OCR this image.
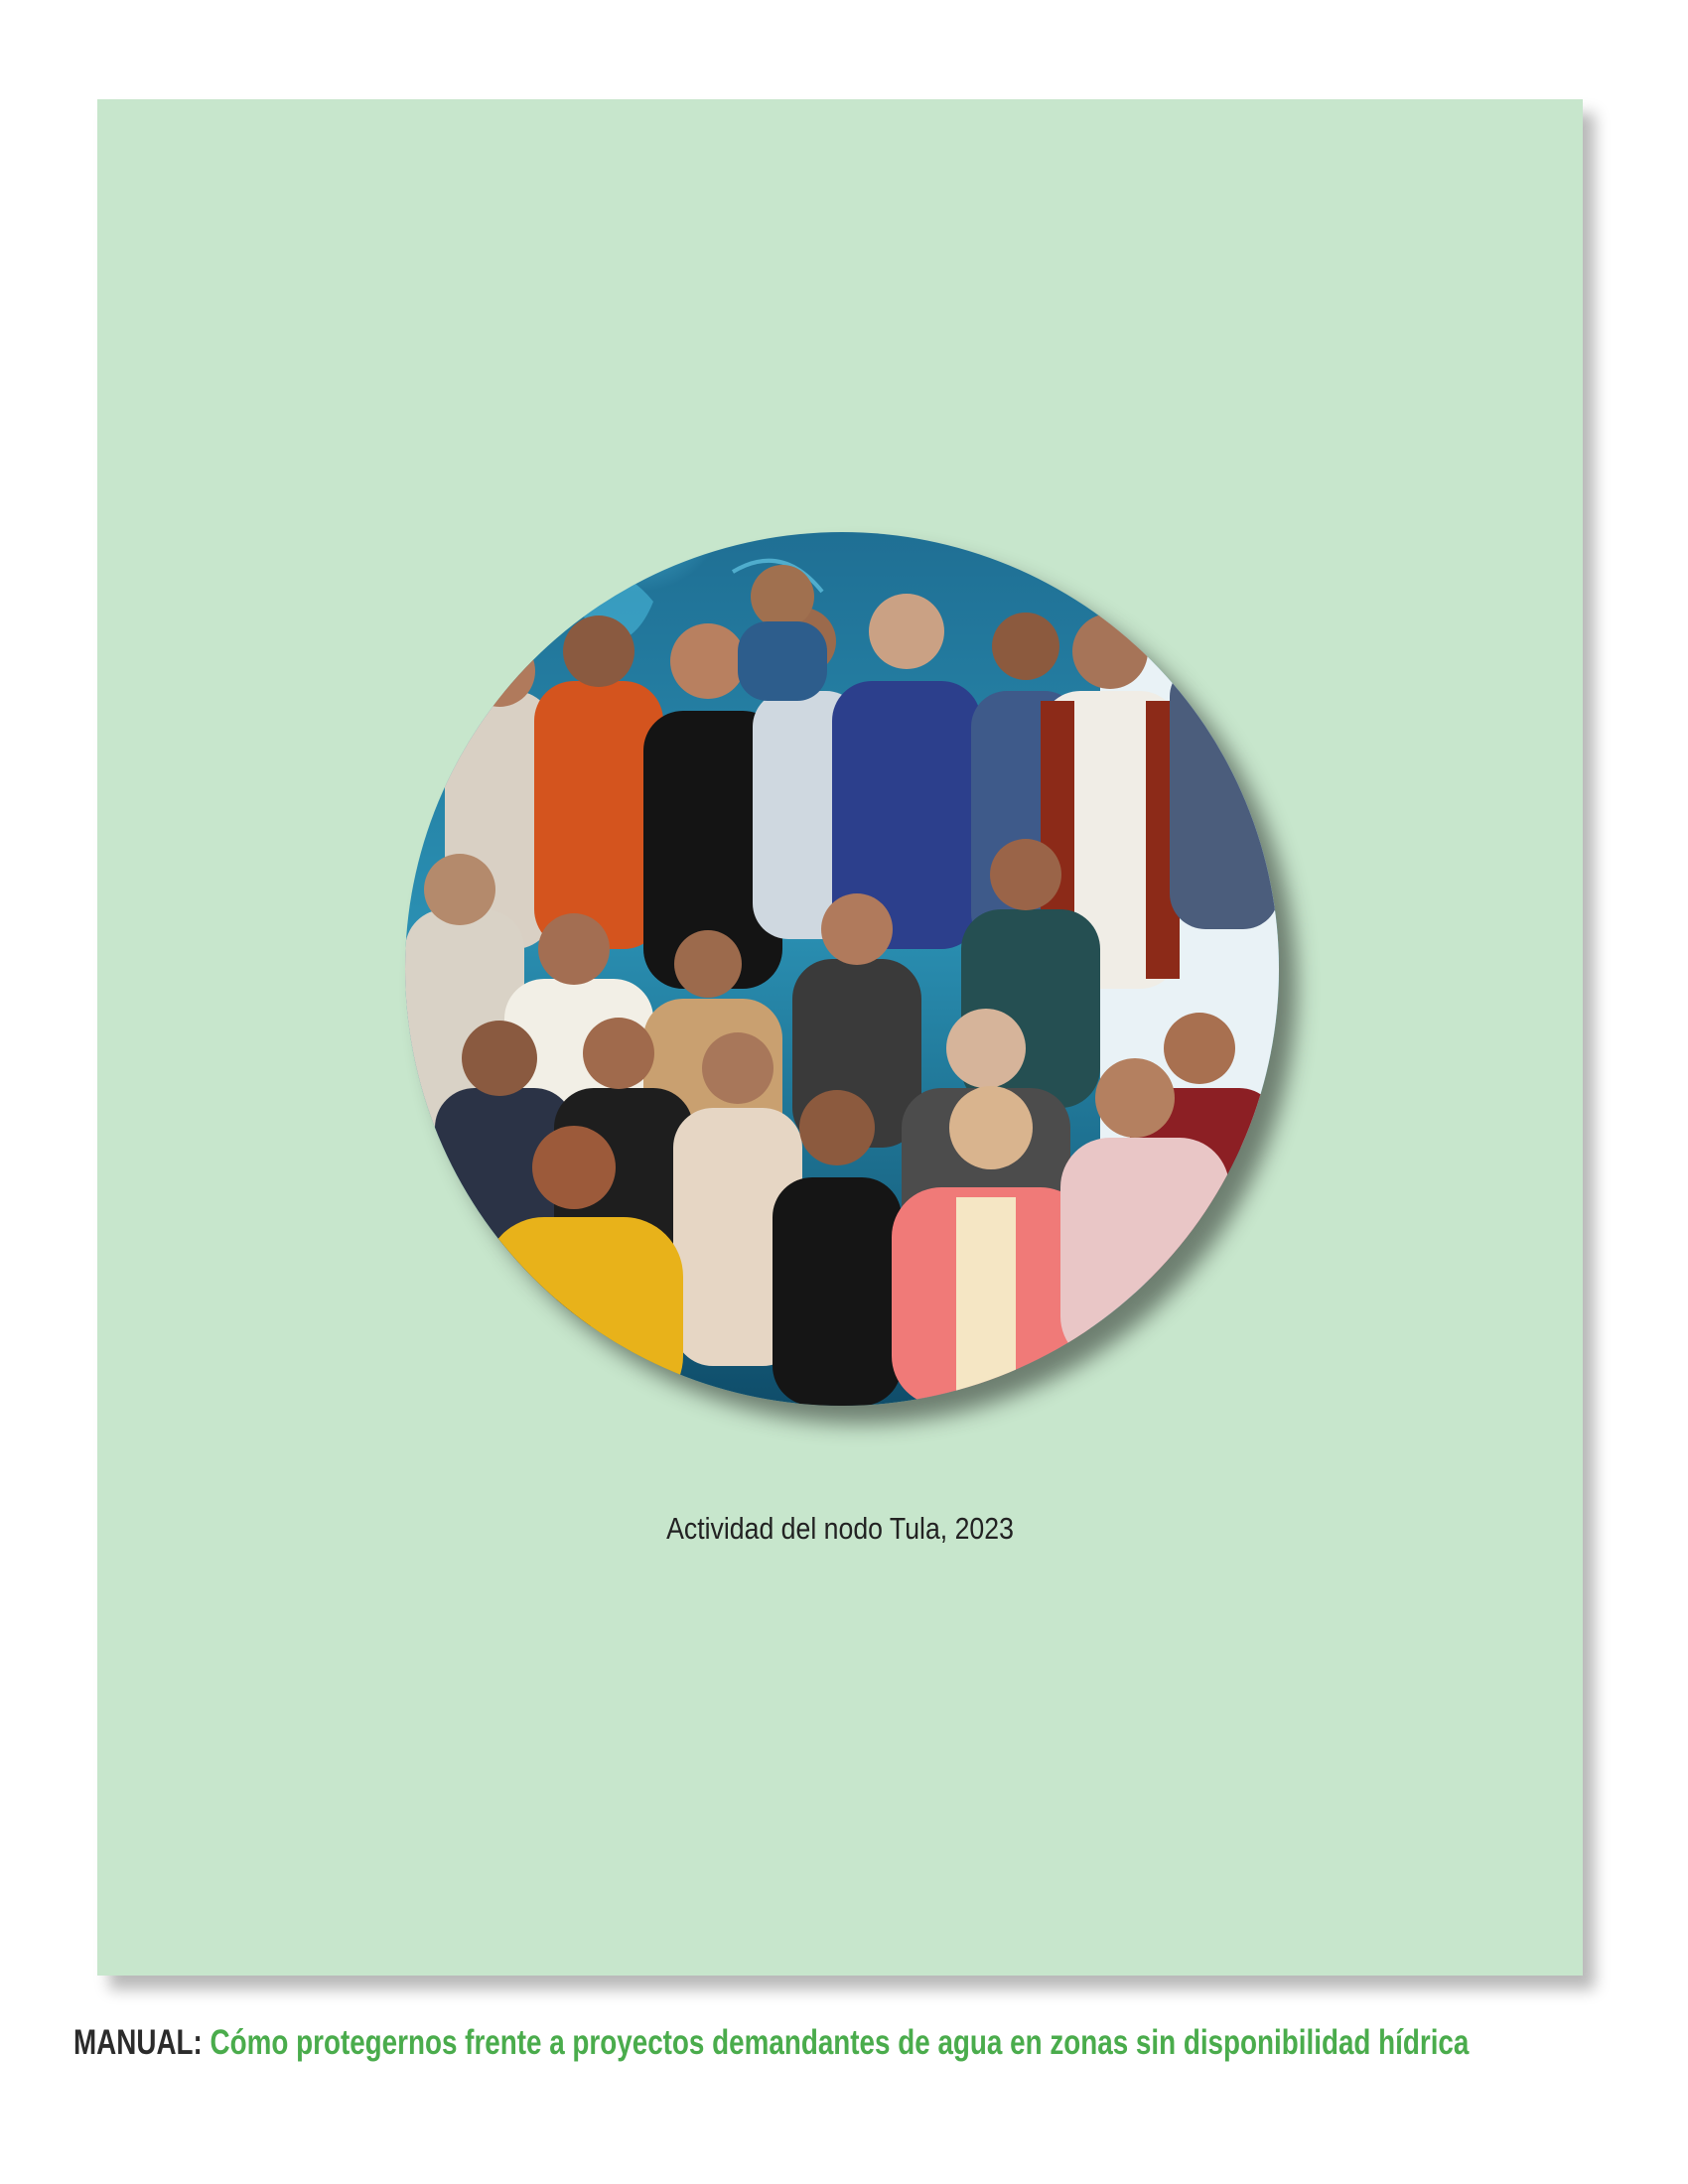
Actividad del nodo Tula, 2023
MANUAL: Cómo protegernos frente a proyectos demandantes de agua en zonas sin disponibilidad hídrica
